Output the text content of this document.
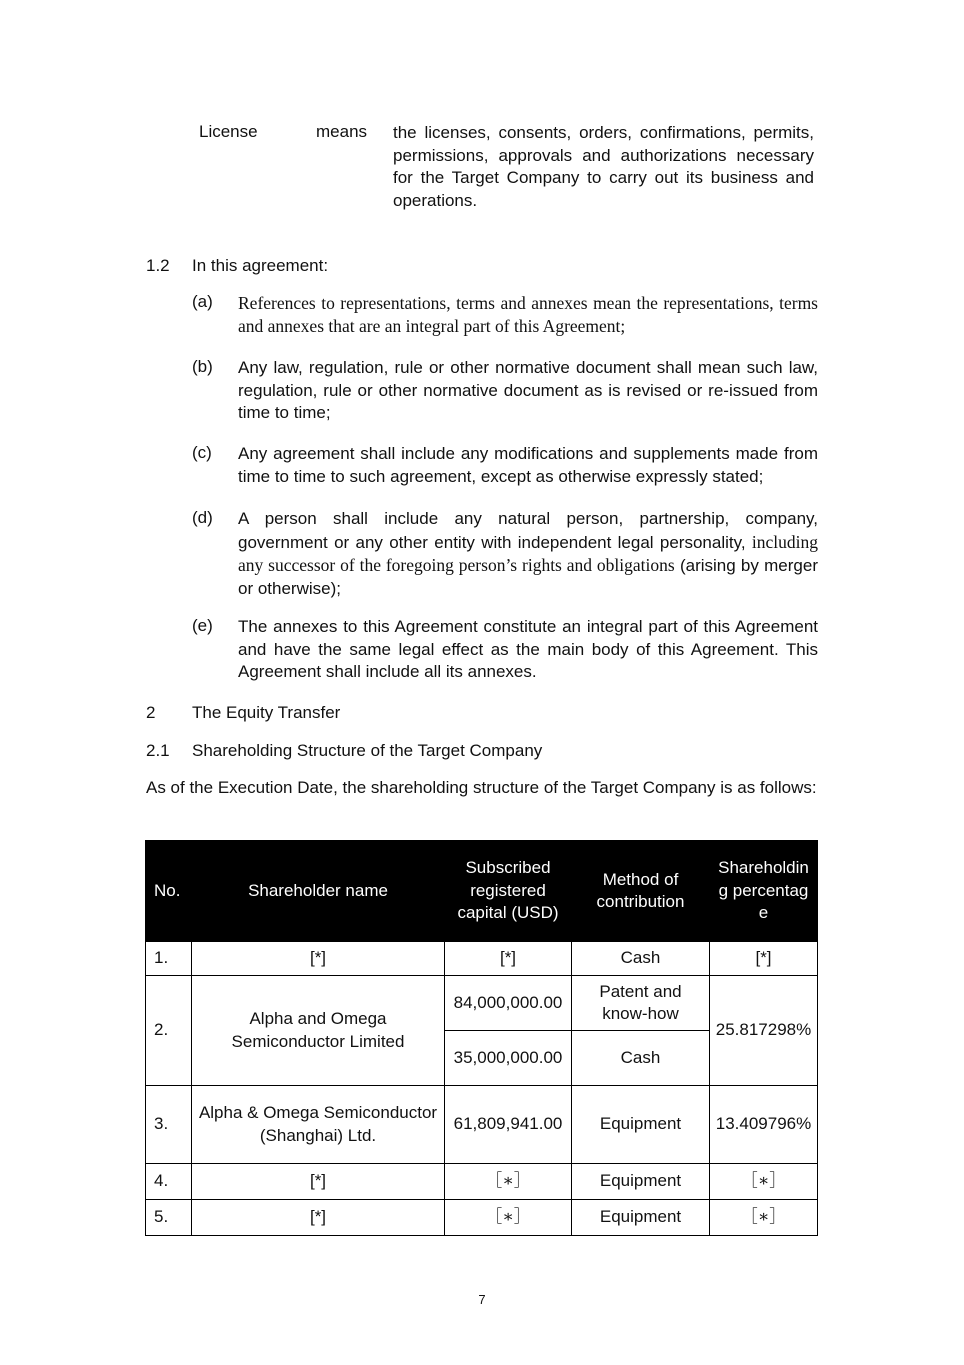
License	means the licenses, consents, orders, confirmations, permits, permissions, approvals and authorizations necessary for the Target Company to carry out its business and operations.
1.2 In this agreement:
(a) References to representations, terms and annexes mean the representations, terms and annexes that are an integral part of this Agreement;
(b) Any law, regulation, rule or other normative document shall mean such law, regulation, rule or other normative document as is revised or re-issued from time to time;
(c) Any agreement shall include any modifications and supplements made from time to time to such agreement, except as otherwise expressly stated;
(d) A person shall include any natural person, partnership, company, government or any other entity with independent legal personality, including any successor of the foregoing person’s rights and obligations (arising by merger or otherwise);
(e) The annexes to this Agreement constitute an integral part of this Agreement and have the same legal effect as the main body of this Agreement. This Agreement shall include all its annexes.
2 The Equity Transfer
2.1 Shareholding Structure of the Target Company
As of the Execution Date, the shareholding structure of the Target Company is as follows:
No.	Shareholder name	Subscribed registered capital (USD)	Method of contribution	Shareholding percentage
1.	[*]	[*]	Cash	[*]
2.	Alpha and Omega Semiconductor Limited	84,000,000.00	Patent and know-how	25.817298%
		35,000,000.00	Cash	
3.	Alpha & Omega Semiconductor (Shanghai) Ltd.	61,809,941.00	Equipment	13.409796%
4.	[*]	［∗］	Equipment	［∗］
5.	[*]	［∗］	Equipment	［∗］
7
